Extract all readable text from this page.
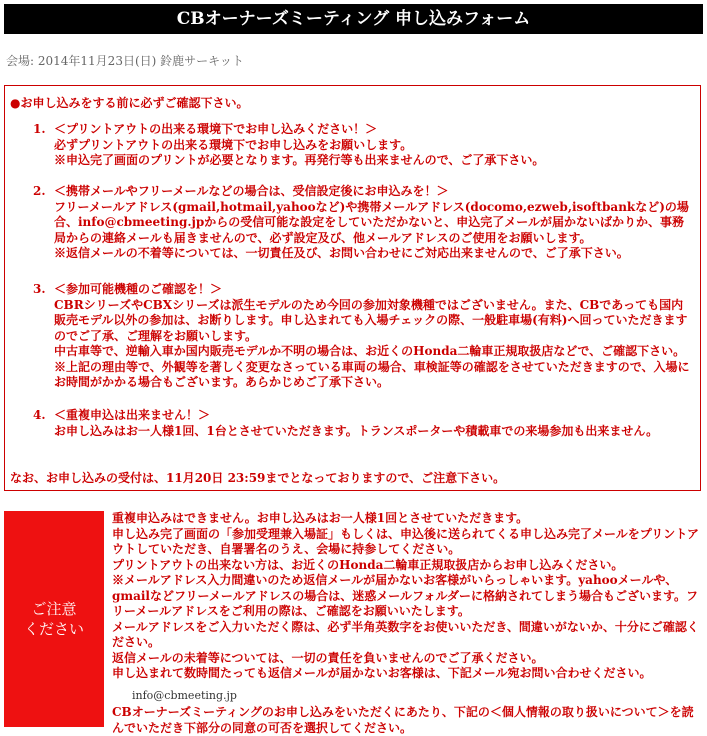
CBオーナーズミーティング 申し込みフォーム
会場: 2014年11月23日(日) 鈴鹿サーキット
●お申し込みをする前に必ずご確認下さい。
1. ＜プリントアウトの出来る環境下でお申し込みください！＞
必ずプリントアウトの出来る環境下でお申し込みをお願いします。
※申込完了画面のプリントが必要となります。再発行等も出来ませんので、ご了承下さい。
2. ＜携帯メールやフリーメールなどの場合は、受信設定後にお申込みを！＞
フリーメールアドレス(gmail,hotmail,yahooなど)や携帯メールアドレス(docomo,ezweb,isoftbankなど)の場合、info@cbmeeting.jpからの受信可能な設定をしていただかないと、申込完了メールが届かないばかりか、事務局からの連絡メールも届きませんので、必ず設定及び、他メールアドレスのご使用をお願いします。
※返信メールの不着等については、一切責任及び、お問い合わせにご対応出来ませんので、ご了承下さい。
3. ＜参加可能機種のご確認を！＞
CBRシリーズやCBXシリーズは派生モデルのため今回の参加対象機種ではございません。また、CBであっても国内販売モデル以外の参加は、お断りします。申し込まれても入場チェックの際、一般駐車場(有料)へ回っていただきますのでご了承、ご理解をお願いします。
中古車等で、逆輸入車か国内販売モデルか不明の場合は、お近くのHonda二輪車正規取扱店などで、ご確認下さい。
※上記の理由等で、外観等を著しく変更なさっている車両の場合、車検証等の確認をさせていただきますので、入場にお時間がかかる場合もございます。あらかじめご了承下さい。
4. ＜重複申込は出来ません！＞
お申し込みはお一人様1回、1台とさせていただきます。トランスポーターや積載車での来場参加も出来ません。
なお、お申し込みの受付は、11月20日 23:59までとなっておりますので、ご注意下さい。
ご注意
ください
重複申込みはできません。お申し込みはお一人様1回とさせていただきます。
申し込み完了画面の「参加受理兼入場証」もしくは、申込後に送られてくる申し込み完了メールをプリントアウトしていただき、自署署名のうえ、会場に持参してください。
プリントアウトの出来ない方は、お近くのHonda二輪車正規取扱店からお申し込みください。
※メールアドレス入力間違いのため返信メールが届かないお客様がいらっしゃいます。yahooメールや、gmailなどフリーメールアドレスの場合は、迷惑メールフォルダーに格納されてしまう場合もございます。フリーメールアドレスをご利用の際は、ご確認をお願いいたします。
メールアドレスをご入力いただく際は、必ず半角英数字をお使いいただき、間違いがないか、十分にご確認ください。
返信メールの未着等については、一切の責任を負いませんのでご了承ください。
申し込まれて数時間たっても返信メールが届かないお客様は、下記メール宛お問い合わせください。
info@cbmeeting.jp
CBオーナーズミーティングのお申し込みをいただくにあたり、下記の＜個人情報の取り扱いについて＞を読んでいただき下部分の同意の可否を選択してください。
